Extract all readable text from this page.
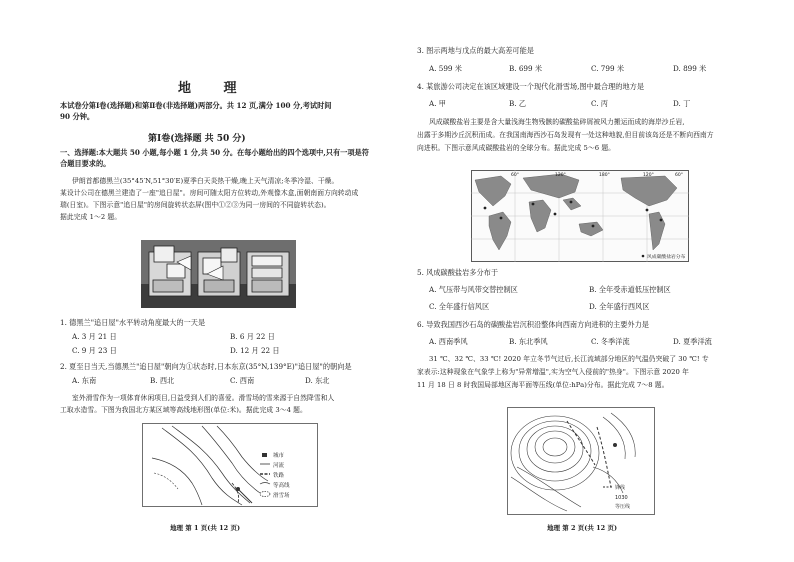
地 理
本试卷分第Ⅰ卷(选择题)和第Ⅱ卷(非选择题)两部分。共 12 页,满分 100 分,考试时间
90 分钟。
第Ⅰ卷(选择题 共 50 分)
一、选择题:本大题共 50 小题,每小题 1 分,共 50 分。在每小题给出的四个选项中,只有一项是符
合题目要求的。
伊朗首都德黑兰(35°45′N,51°30′E)夏季白天炎热干燥,晚上天气清凉;冬季冷湿、干燥。
某设计公司在德黑兰建造了一座"追日屋"。房间可随太阳方位转动,外观像木盒,面朝南面方向转动成
瑞(日室)。下图示意"追日屋"的房间旋转状态屏(图中①②③为同一房间的不同旋转状态)。
据此完成 1～2 题。
1. 德黑兰"追日屋"水平转动角度最大的一天是
A. 3 月 21 日	B. 6 月 22 日
C. 9 月 23 日	D. 12 月 22 日
2. 夏至日当天,当德黑兰"追日屋"朝向为①状态时,日本东京(35°N,139°E)"追日屋"的朝向是
A. 东南	B. 西北	C. 西南	D. 东北
室外滑雪作为一项体育休闲项目,日益受到人们的喜爱。滑雪场的雪来源于自然降雪和人
工取水造雪。下图为我国北方某区域等高线地形图(单位:米)。据此完成 3～4 题。
城市
河流
铁路
等高线
滑雪场
地理 第 1 页(共 12 页)
3. 图示两地与戊点的最大高差可能是
A. 599 米	B. 699 米	C. 799 米	D. 899 米
4. 某旅游公司决定在该区域建设一个现代化滑雪场,图中最合理的地方是
A. 甲	B. 乙	C. 丙	D. 丁
风成碳酸盐岩主要是含大量浅海生物残骸的碳酸盐碎屑被风力搬运而成的海岸沙丘岩,
出露于多期沙丘沉积而成。在我国南海西沙石岛发现有一处这种地貌,但目前该岛还是不断向西南方
向进积。下图示意风成碳酸盐岩的全球分布。据此完成 5～6 题。
60°	120°	180°	120°	60°
风成碳酸盐岩分布
5. 风成碳酸盐岩多分布于
A. 气压带与风带交替控制区	B. 全年受赤道低压控制区
C. 全年盛行信风区	D. 全年盛行西风区
6. 导致我国西沙石岛的碳酸盐岩沉积沿整体向西南方向进积的主要外力是
A. 西南季风	B. 东北季风	C. 冬季洋流	D. 夏季洋流
31 ℃、32 ℃、33 ℃! 2020 年立冬节气过后,长江流域部分地区的气温仍突破了 30 ℃! 专
家表示:这种现象在气象学上称为"异常增温",实为空气入侵前的"热身"。下图示意 2020 年
11 月 18 日 8 时我国局部地区海平面等压线(单位:hPa)分布。据此完成 7～8 题。
锋线
1030
等压线
地理 第 2 页(共 12 页)
